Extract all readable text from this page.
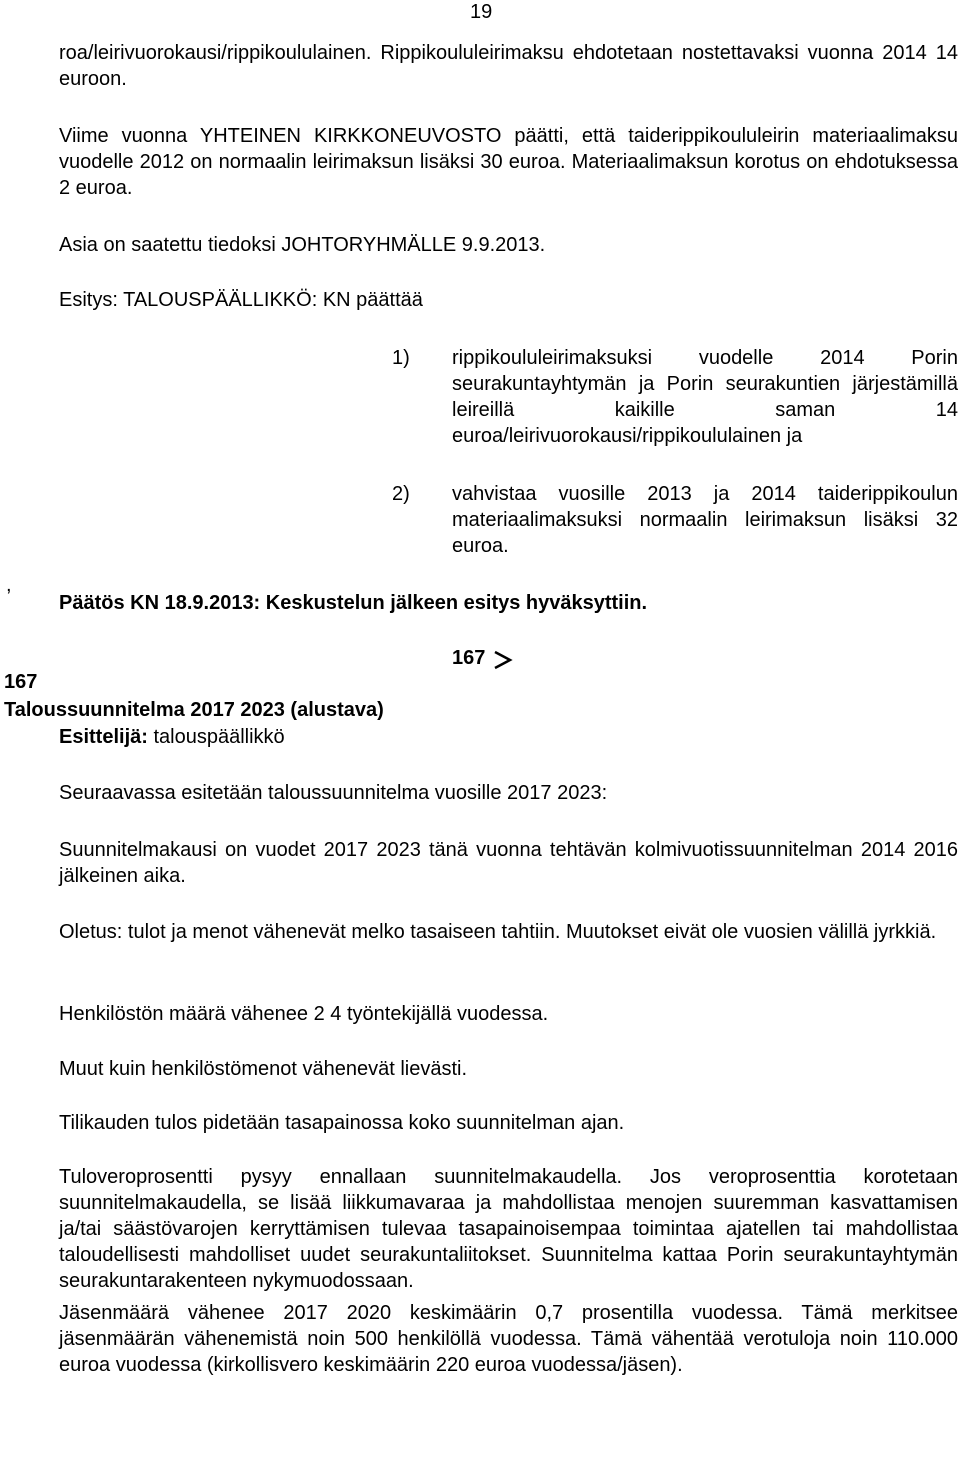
19

roa/leirivuorokausi/rippikoululainen. Rippikoululeirimaksu ehdotetaan nostettavaksi vuonna 2014 14 euroon.

Viime vuonna YHTEINEN KIRKKONEUVOSTO päätti, että taiderippikoululeirin materiaalimaksu vuodelle 2012 on normaalin leirimaksun lisäksi 30 euroa. Materiaalimaksun korotus on ehdotuksessa 2 euroa.

Asia on saatettu tiedoksi JOHTORYHMÄLLE 9.9.2013.
Esitys: TALOUSPÄÄLLIKKÖ: KN päättää
1) rippikoululeirimaksuksi vuodelle 2014 Porin seurakuntayhtymän ja Porin seurakuntien järjestämillä leireillä kaikille saman 14 euroa/leirivuorokausi/rippikoululainen ja

2) vahvistaa vuosille 2013 ja 2014 taiderippikoulun materiaalimaksuksi normaalin leirimaksun lisäksi 32 euroa.

,
Päätös KN 18.9.2013: Keskustelun jälkeen esitys hyväksyttiin.
167
167
Taloussuunnitelma 2017 2023 (alustava)
Esittelijä: talouspäällikkö
Seuraavassa esitetään taloussuunnitelma vuosille 2017 2023:

Suunnitelmakausi on vuodet 2017 2023 tänä vuonna tehtävän kolmivuotissuunnitelman 2014 2016 jälkeinen aika.

Oletus: tulot ja menot vähenevät melko tasaiseen tahtiin. Muutokset eivät ole vuosien välillä jyrkkiä.

Henkilöstön määrä vähenee 2 4 työntekijällä vuodessa.
Muut kuin henkilöstömenot vähenevät lievästi.
Tilikauden tulos pidetään tasapainossa koko suunnitelman ajan.

Tuloveroprosentti pysyy ennallaan suunnitelmakaudella. Jos veroprosenttia korotetaan suunnitelmakaudella, se lisää liikkumavaraa ja mahdollistaa menojen suuremman kasvattamisen ja/tai säästövarojen kerryttämisen tulevaa tasapainoisempaa toimintaa ajatellen tai mahdollistaa taloudellisesti mahdolliset uudet seurakuntaliitokset. Suunnitelma kattaa Porin seurakuntayhtymän seurakuntarakenteen nykymuodossaan.

Jäsenmäärä vähenee 2017 2020 keskimäärin 0,7 prosentilla vuodessa. Tämä merkitsee jäsenmäärän vähenemistä noin 500 henkilöllä vuodessa. Tämä vähentää verotuloja noin 110.000 euroa vuodessa (kirkollisvero keskimäärin 220 euroa vuodessa/jäsen).
